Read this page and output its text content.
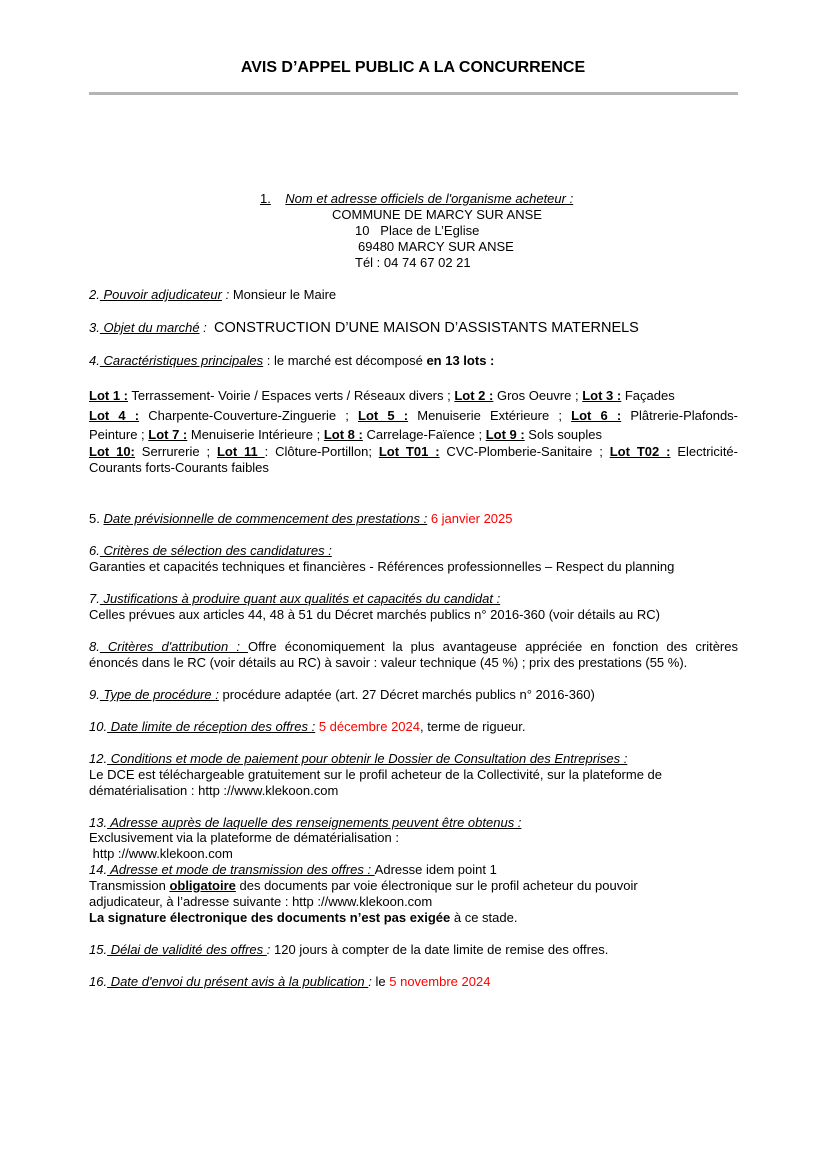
AVIS D’APPEL PUBLIC A LA CONCURRENCE
1. Nom et adresse officiels de l'organisme acheteur :
COMMUNE DE MARCY SUR ANSE
10   Place de L’Eglise
69480 MARCY SUR ANSE
Tél : 04 74 67 02 21
2. Pouvoir adjudicateur : Monsieur le Maire
3. Objet du marché :  CONSTRUCTION D’UNE MAISON D’ASSISTANTS MATERNELS
4. Caractéristiques principales : le marché est décomposé en 13 lots :
Lot 1 : Terrassement- Voirie / Espaces verts / Réseaux divers ; Lot 2 : Gros Oeuvre ; Lot 3 : Façades
Lot 4 : Charpente-Couverture-Zinguerie ; Lot 5 : Menuiserie Extérieure ; Lot 6 : Plâtrerie-Plafonds-
Peinture ; Lot 7 : Menuiserie Intérieure ; Lot 8 : Carrelage-Faïence ; Lot 9 : Sols souples
Lot 10: Serrurerie ; Lot 11 : Clôture-Portillon; Lot T01 : CVC-Plomberie-Sanitaire ; Lot T02 : Electricité-
Courants forts-Courants faibles
5. Date prévisionnelle de commencement des prestations : 6 janvier 2025
6. Critères de sélection des candidatures :
Garanties et capacités techniques et financières - Références professionnelles – Respect du planning
7. Justifications à produire quant aux qualités et capacités du candidat :
Celles prévues aux articles 44, 48 à 51 du Décret marchés publics n° 2016-360 (voir détails au RC)
8. Critères d'attribution : Offre économiquement la plus avantageuse appréciée en fonction des critères
énoncés dans le RC (voir détails au RC) à savoir : valeur technique (45 %) ; prix des prestations (55 %).
9. Type de procédure : procédure adaptée (art. 27 Décret marchés publics n° 2016-360)
10. Date limite de réception des offres : 5 décembre 2024, terme de rigueur.
12. Conditions et mode de paiement pour obtenir le Dossier de Consultation des Entreprises :
Le DCE est téléchargeable gratuitement sur le profil acheteur de la Collectivité, sur la plateforme de
dématérialisation : http ://www.klekoon.com
13. Adresse auprès de laquelle des renseignements peuvent être obtenus :
Exclusivement via la plateforme de dématérialisation :
http ://www.klekoon.com
14. Adresse et mode de transmission des offres : Adresse idem point 1
Transmission obligatoire des documents par voie électronique sur le profil acheteur du pouvoir
adjudicateur, à l’adresse suivante : http ://www.klekoon.com
La signature électronique des documents n’est pas exigée à ce stade.
15. Délai de validité des offres : 120 jours à compter de la date limite de remise des offres.
16. Date d'envoi du présent avis à la publication : le 5 novembre 2024
